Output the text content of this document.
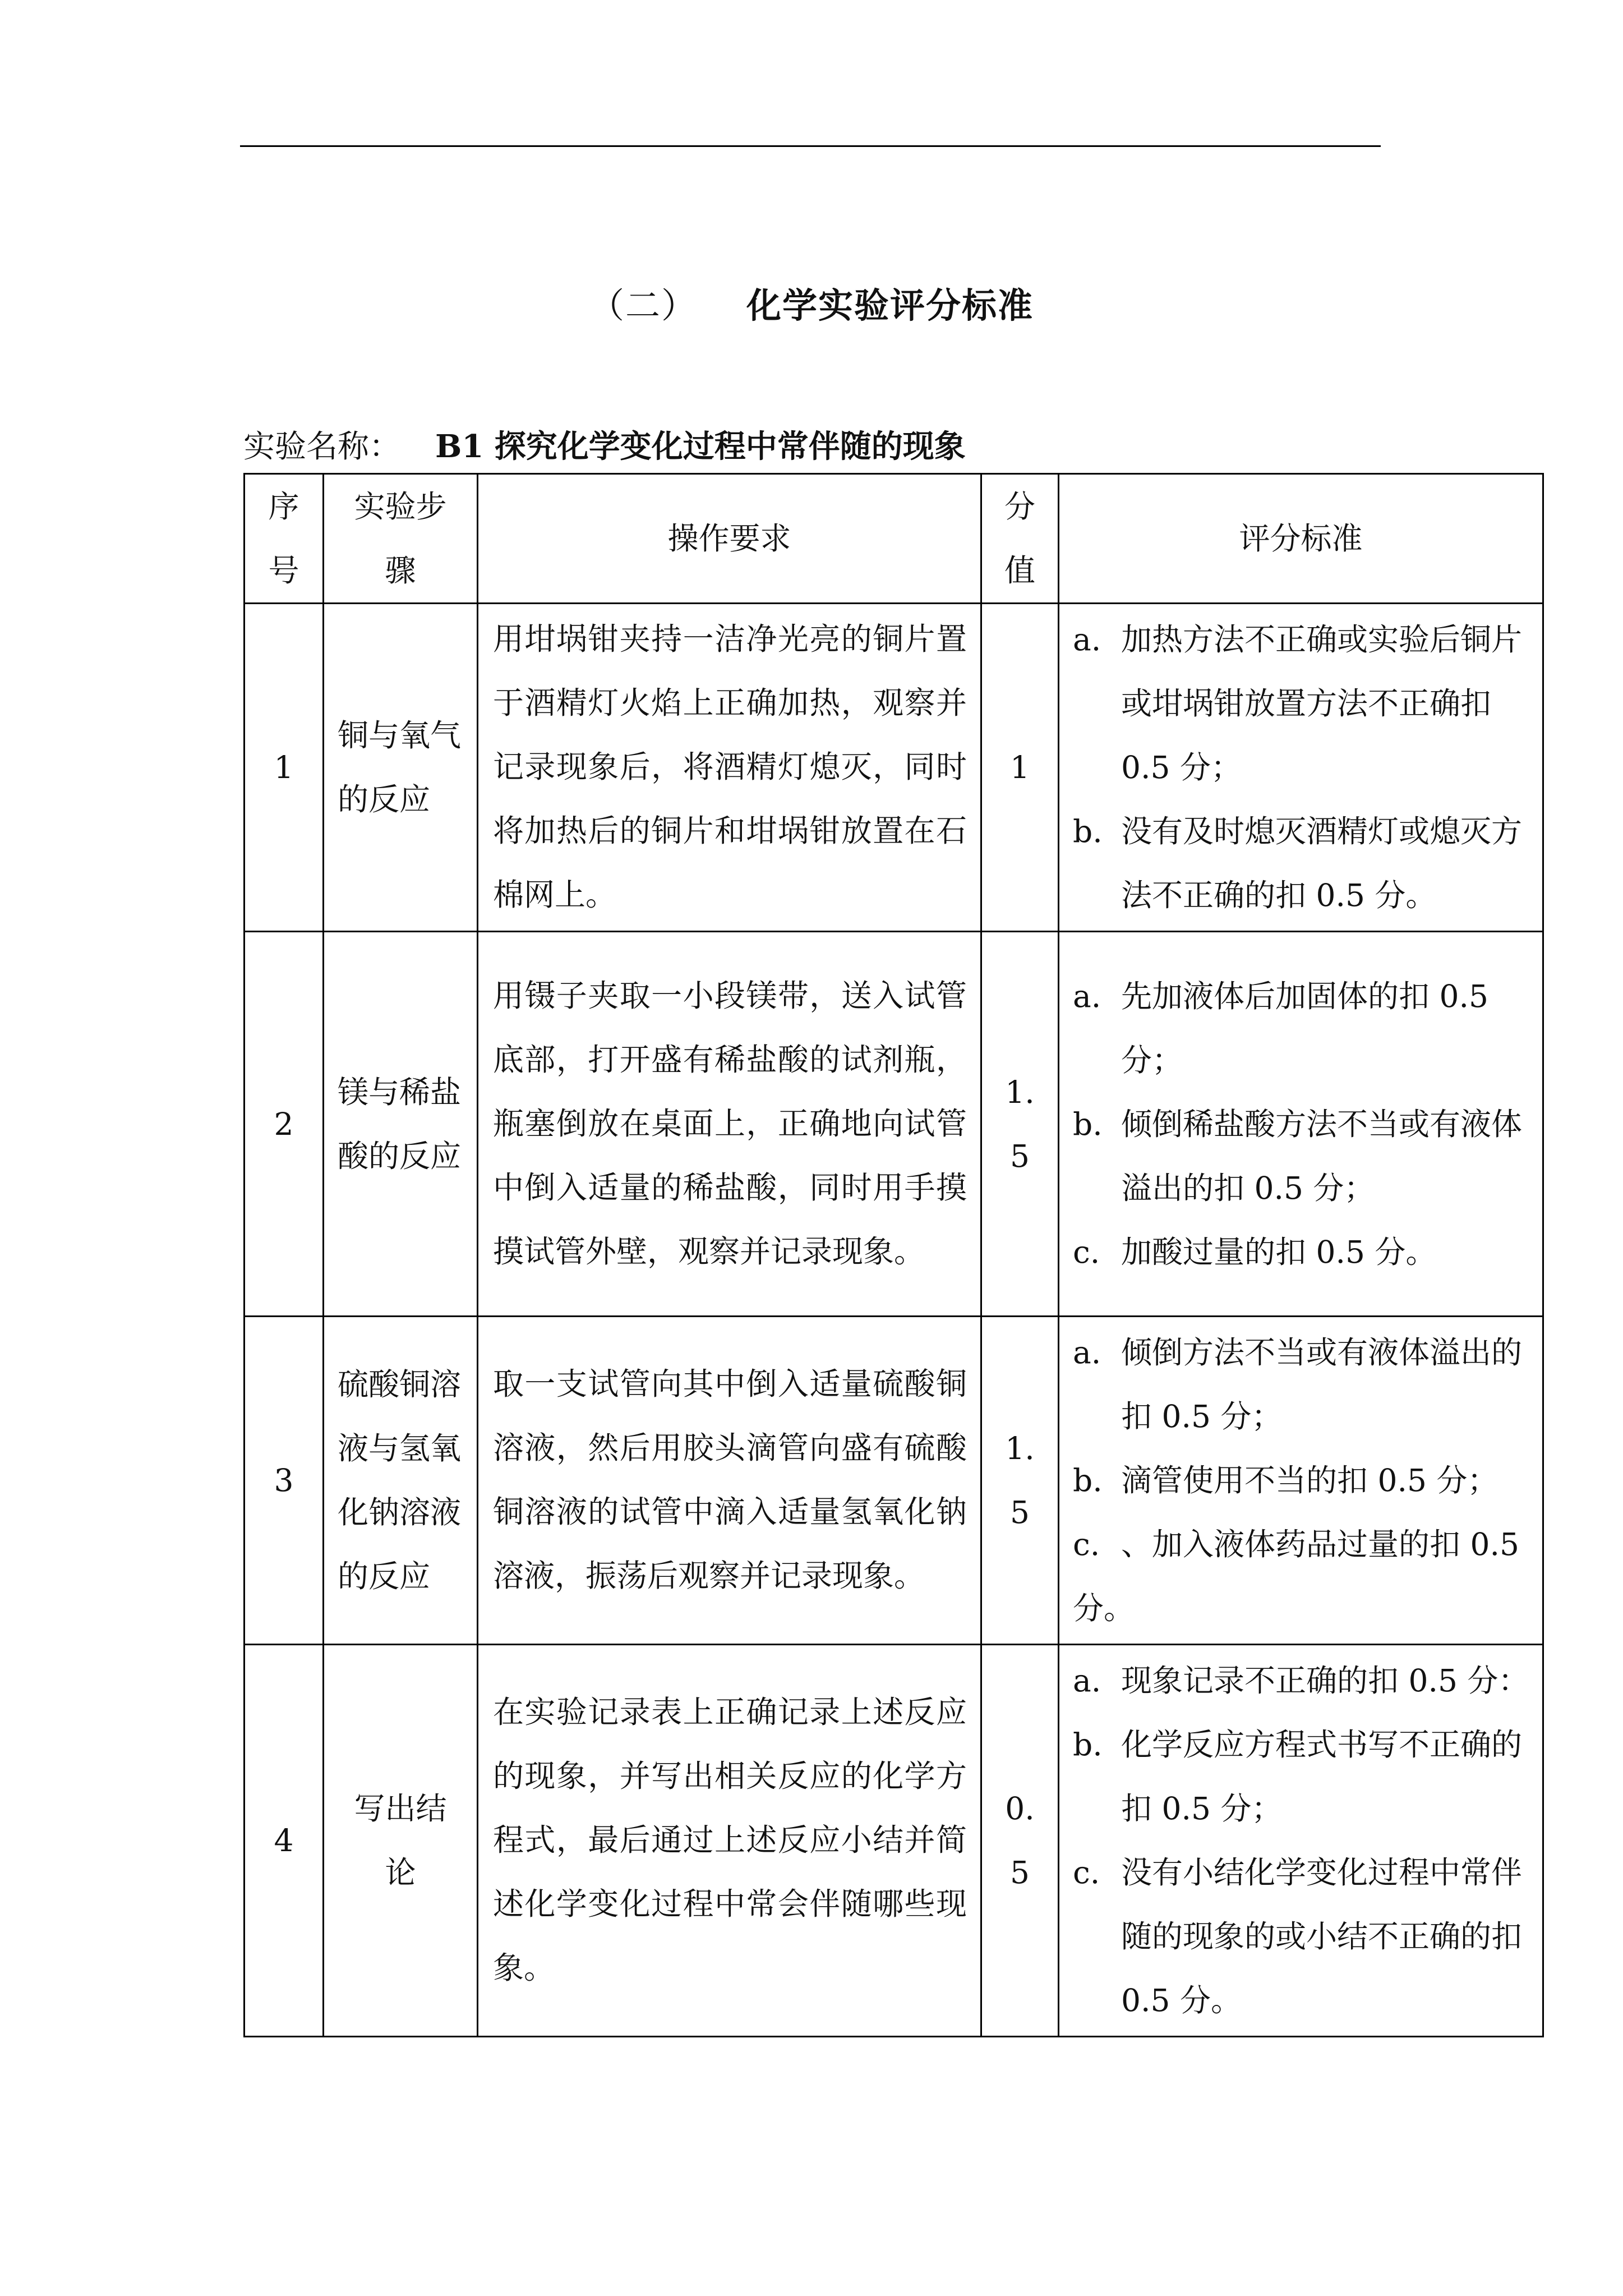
（二） 化学实验评分标准
实验名称： B1 探究化学变化过程中常伴随的现象
序号	实验步骤	操作要求	分值	评分标准
1	铜与氧气的反应	用坩埚钳夹持一洁净光亮的铜片置于酒精灯火焰上正确加热，观察并记录现象后，将酒精灯熄灭，同时将加热后的铜片和坩埚钳放置在石棉网上。	1	a. 加热方法不正确或实验后铜片或坩埚钳放置方法不正确扣 0.5 分；
b. 没有及时熄灭酒精灯或熄灭方法不正确的扣 0.5 分。

2	镁与稀盐酸的反应	用镊子夹取一小段镁带，送入试管底部，打开盛有稀盐酸的试剂瓶，瓶塞倒放在桌面上，正确地向试管中倒入适量的稀盐酸，同时用手摸摸试管外壁，观察并记录现象。	1.5	a. 先加液体后加固体的扣 0.5 分；
b. 倾倒稀盐酸方法不当或有液体溢出的扣 0.5 分；
c. 加酸过量的扣 0.5 分。

3	硫酸铜溶液与氢氧化钠溶液的反应	取一支试管向其中倒入适量硫酸铜溶液，然后用胶头滴管向盛有硫酸铜溶液的试管中滴入适量氢氧化钠溶液，振荡后观察并记录现象。	1.5	a. 倾倒方法不当或有液体溢出的扣 0.5 分；
b. 滴管使用不当的扣 0.5 分；
c. 、加入液体药品过量的扣 0.5 分。

4	写出结论	在实验记录表上正确记录上述反应的现象，并写出相关反应的化学方程式，最后通过上述反应小结并简述化学变化过程中常会伴随哪些现象。	0.5	a. 现象记录不正确的扣 0.5 分：
b. 化学反应方程式书写不正确的扣 0.5 分；
c. 没有小结化学变化过程中常伴随的现象的或小结不正确的扣 0.5 分。
